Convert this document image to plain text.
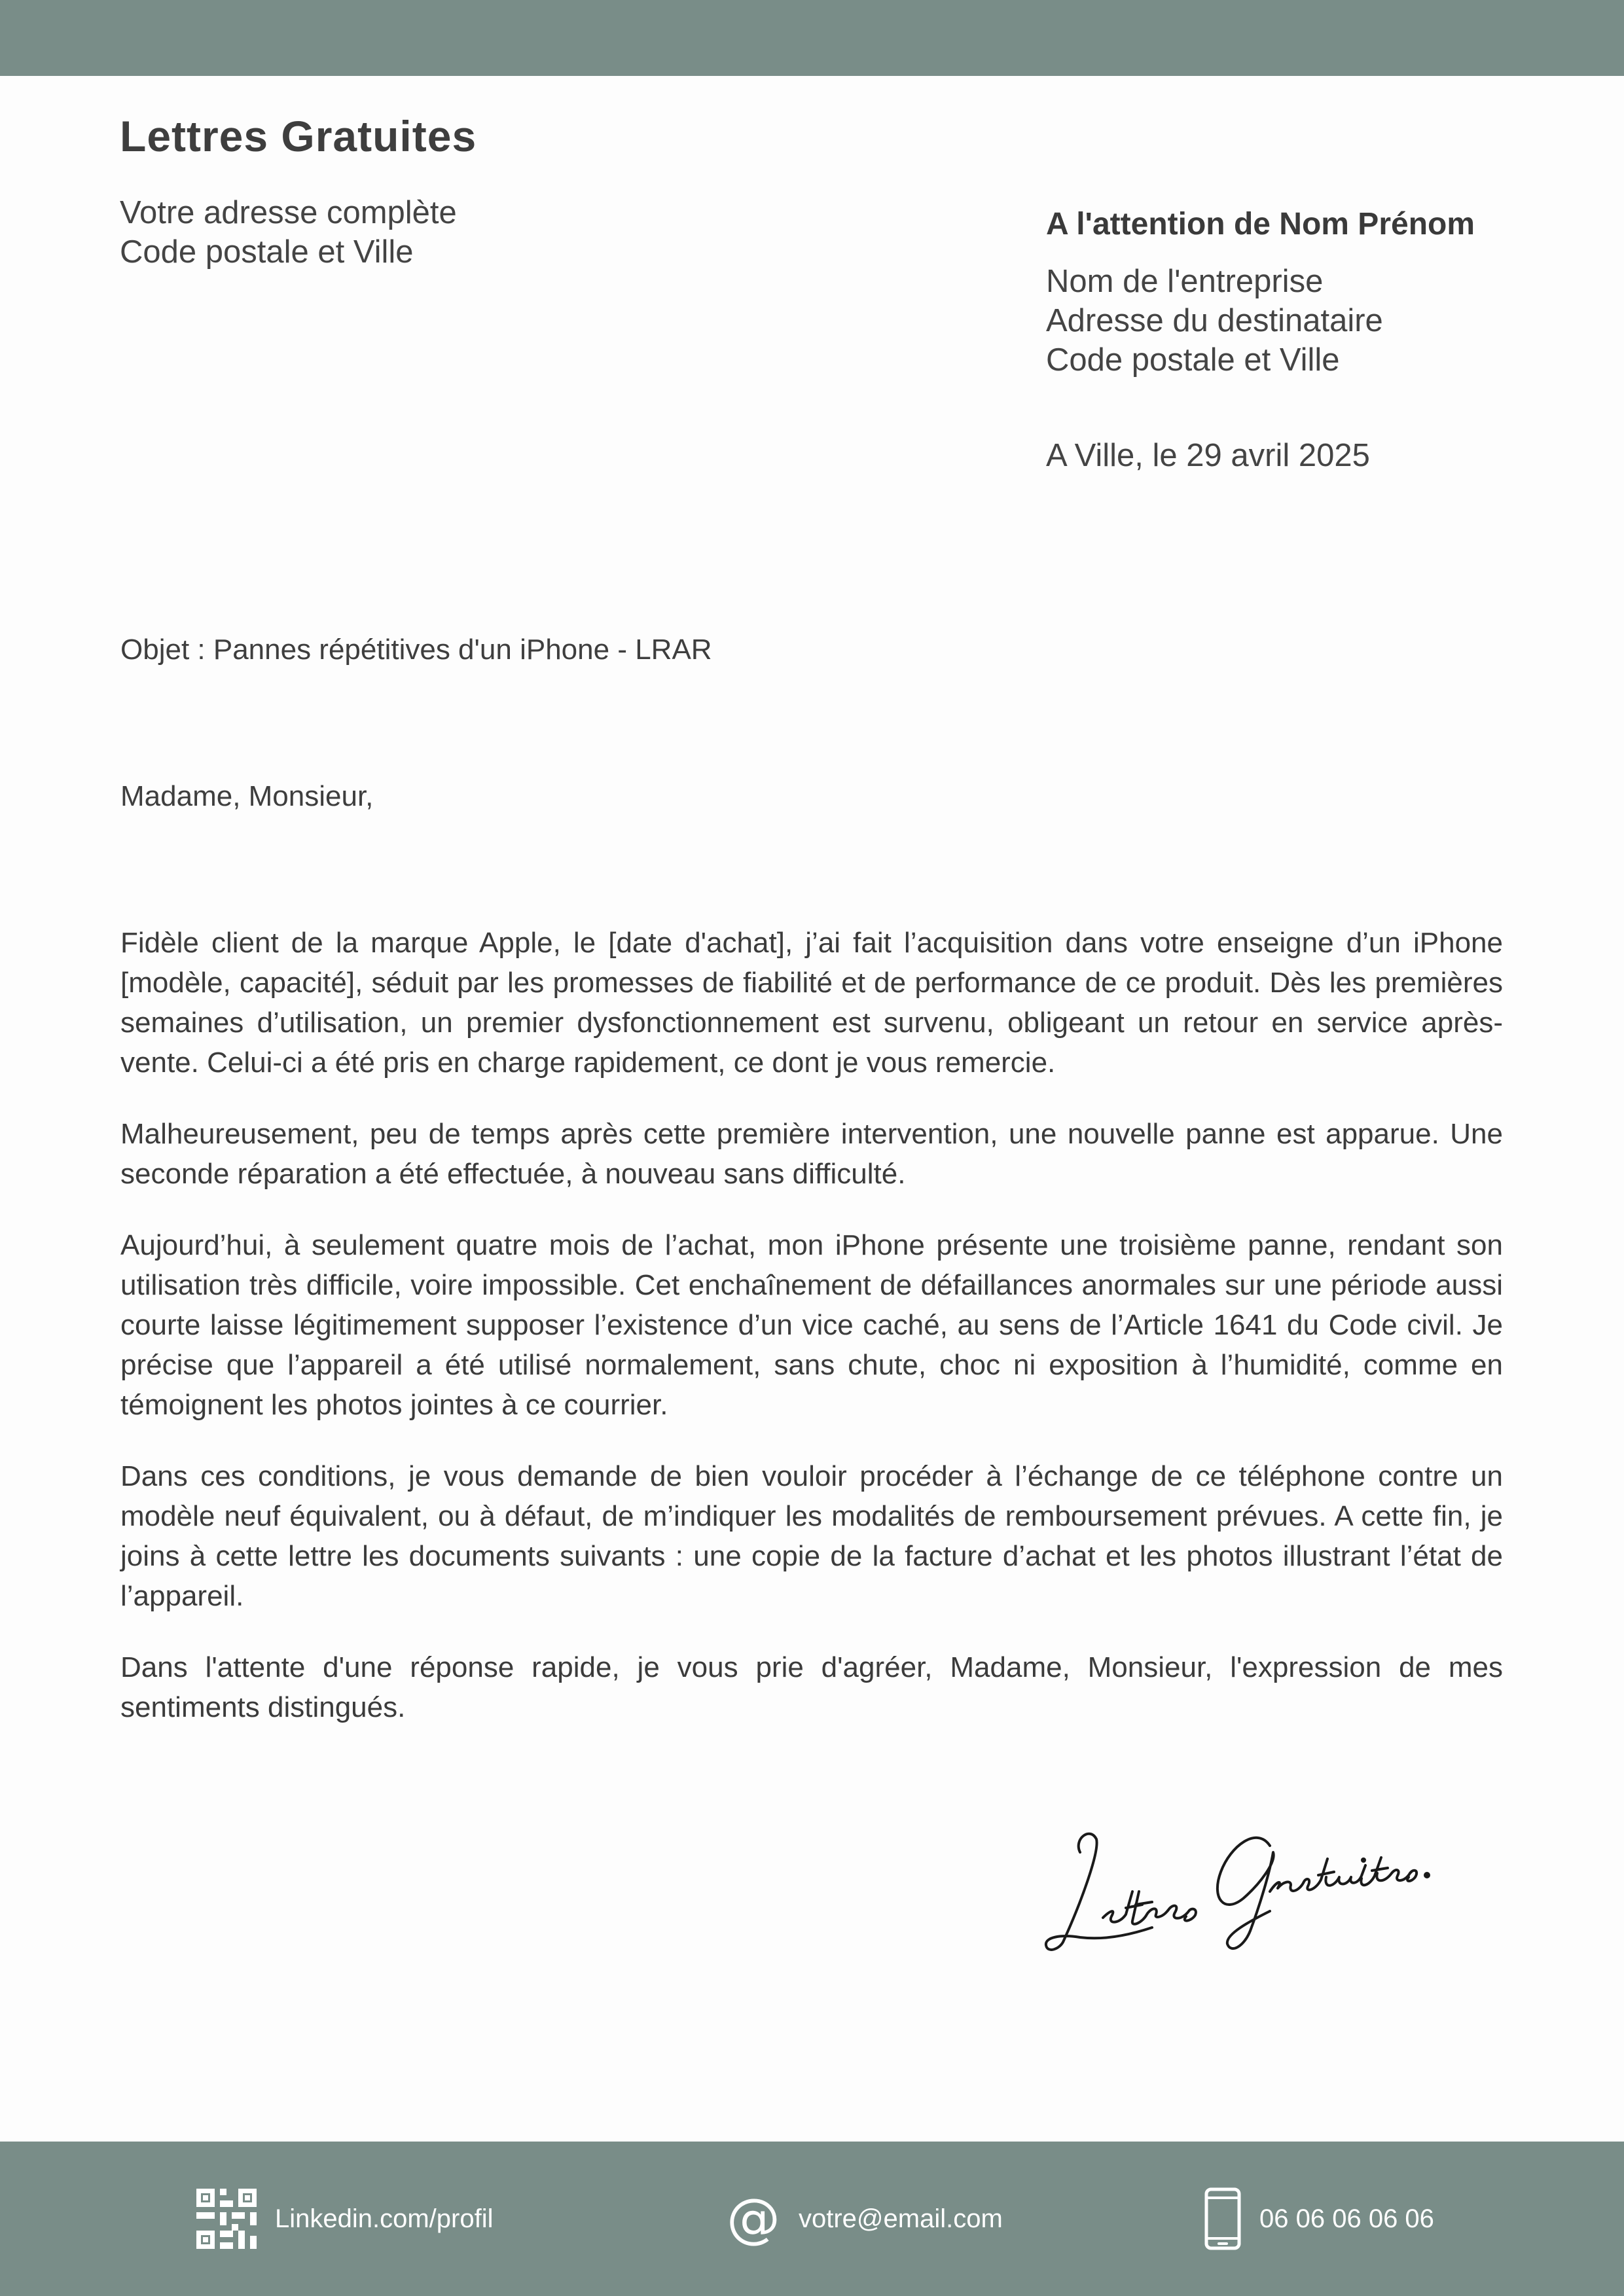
Lettres Gratuites
Votre adresse complète
Code postale et Ville
A l'attention de Nom Prénom
Nom de l'entreprise
Adresse du destinataire
Code postale et Ville
A Ville, le 29 avril 2025
Objet : Pannes répétitives d'un iPhone - LRAR
Madame, Monsieur,

Fidèle client de la marque Apple, le [date d'achat], j’ai fait l’acquisition dans votre enseigne d’un iPhone [modèle, capacité], séduit par les promesses de fiabilité et de performance de ce produit. Dès les premières semaines d’utilisation, un premier dysfonctionnement est survenu, obligeant un retour en service après-vente. Celui-ci a été pris en charge rapidement, ce dont je vous remercie.

Malheureusement, peu de temps après cette première intervention, une nouvelle panne est apparue. Une seconde réparation a été effectuée, à nouveau sans difficulté.

Aujourd’hui, à seulement quatre mois de l’achat, mon iPhone présente une troisième panne, rendant son utilisation très difficile, voire impossible. Cet enchaînement de défaillances anormales sur une période aussi courte laisse légitimement supposer l’existence d’un vice caché, au sens de l’Article 1641 du Code civil. Je précise que l’appareil a été utilisé normalement, sans chute, choc ni exposition à l’humidité, comme en témoignent les photos jointes à ce courrier.

Dans ces conditions, je vous demande de bien vouloir procéder à l’échange de ce téléphone contre un modèle neuf équivalent, ou à défaut, de m’indiquer les modalités de remboursement prévues. A cette fin, je joins à cette lettre les documents suivants : une copie de la facture d’achat et les photos illustrant l’état de l’appareil.

Dans l'attente d'une réponse rapide, je vous prie d'agréer, Madame, Monsieur, l'expression de mes sentiments distingués.

Linkedin.com/profil	@ votre@email.com	06 06 06 06 06
